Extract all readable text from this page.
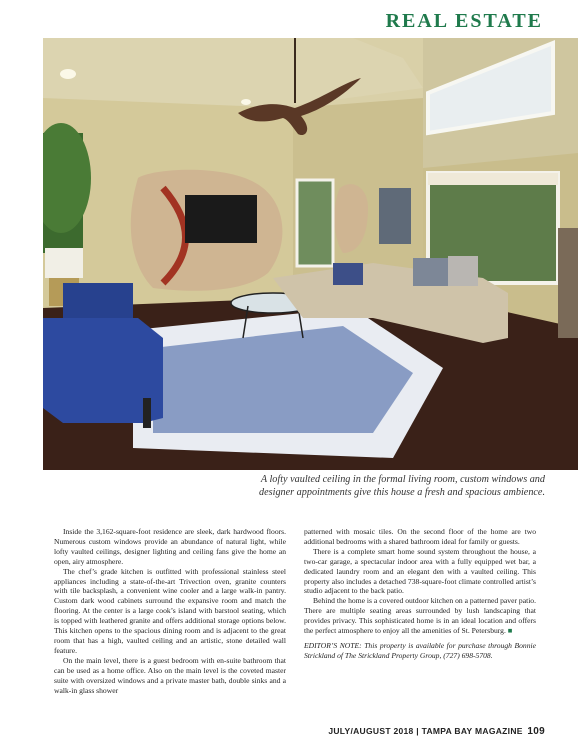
REAL ESTATE
A lofty vaulted ceiling in the formal living room, custom windows and
designer appointments give this house a fresh and spacious ambience.

Inside the 3,162-square-foot residence are sleek, dark hardwood floors. Numerous custom windows provide an abundance of natural light, while lofty vaulted ceilings, designer lighting and ceiling fans give the home an open, airy atmosphere.

The chef’s grade kitchen is outfitted with professional stainless steel appliances including a state-of-the-art Trivection oven, granite counters with tile backsplash, a convenient wine cooler and a large walk-in pantry. Custom dark wood cabinets surround the expansive room and match the flooring. At the center is a large cook’s island with barstool seating, which is topped with leathered granite and offers additional storage options below. This kitchen opens to the spacious dining room and is adjacent to the great room that has a high, vaulted ceiling and an artistic, stone detailed wall feature.

On the main level, there is a guest bedroom with en-suite bathroom that can be used as a home office. Also on the main level is the coveted master suite with oversized windows and a private master bath, double sinks and a walk-in glass shower

patterned with mosaic tiles. On the second floor of the home are two additional bedrooms with a shared bathroom ideal for family or guests.

There is a complete smart home sound system throughout the house, a two-car garage, a spectacular indoor area with a fully equipped wet bar, a dedicated laundry room and an elegant den with a vaulted ceiling. This property also includes a detached 738-square-foot climate controlled artist’s studio adjacent to the back patio.

Behind the home is a covered outdoor kitchen on a patterned paver patio. There are multiple seating areas surrounded by lush landscaping that provides privacy. This sophisticated home is in an ideal location and offers the perfect atmosphere to enjoy all the amenities of St. Petersburg. ■

EDITOR’S NOTE: This property is available for purchase through Bonnie Strickland of The Strickland Property Group, (727) 698-5708.

JULY/AUGUST 2018 | TAMPA BAY MAGAZINE 109
